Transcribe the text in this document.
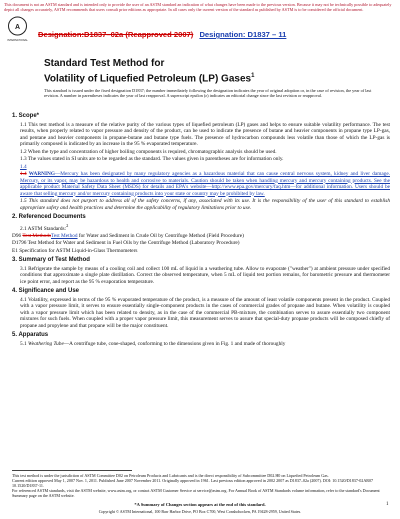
This document is not an ASTM standard and is intended only to provide the user of an ASTM standard an indication of what changes have been made to the previous version. Because it may not be technically possible to adequately depict all changes accurately, ASTM recommends that users consult prior editions as appropriate. In all cases only the current version of the standard as published by ASTM is to be considered the official document.
A
INTERNATIONAL
Designation:D1837–02a (Reapproved 2007) Designation: D1837 – 11
Standard Test Method for
Volatility of Liquefied Petroleum (LP) Gases$^1$
This standard is issued under the fixed designation D1837; the number immediately following the designation indicates the year of original adoption or, in the case of revision, the year of last revision. A number in parentheses indicates the year of last reapproval. A superscript epsilon (ε) indicates an editorial change since the last revision or reapproval.

1. Scope*

1.1 This test method is a measure of the relative purity of the various types of liquefied petroleum (LP) gases and helps to ensure suitable volatility performance. The test results, when properly related to vapor pressure and density of the product, can be used to indicate the presence of butane and heavier components in propane type LP-gas, and pentane and heavier components in propane-butane and butane type fuels. The presence of hydrocarbon compounds less volatile than those of which the LP-gas is primarily composed is indicated by an increase in the 95 % evaporated temperature.

1.2 When the type and concentration of higher boiling components is required, chromatographic analysis should be used.

1.3 The values stated in SI units are to be regarded as the standard. The values given in parentheses are for information only.

1.4

1.4 WARNING—Mercury has been designated by many regulatory agencies as a hazardous material that can cause central nervous system, kidney and liver damage. Mercury, or its vapor, may be hazardous to health and corrosive to materials. Caution should be taken when handling mercury and mercury containing products. See the applicable product Material Safety Data Sheet (MSDS) for details and EPA's website—http://www.epa.gov/mercury/faq.htm—for additional information. Users should be aware that selling mercury and/or mercury containing products into your state or country may be prohibited by law.

1.5 This standard does not purport to address all of the safety concerns, if any, associated with its use. It is the responsibility of the user of this standard to establish appropriate safety and health practices and determine the applicability of regulatory limitations prior to use.

2. Referenced Documents

2.1 ASTM Standards:$^2$

D96 Test MethodsTest Method for Water and Sediment in Crude Oil by Centrifuge Method (Field Procedure)

D1796 Test Method for Water and Sediment in Fuel Oils by the Centrifuge Method (Laboratory Procedure)

E1 Specification for ASTM Liquid-in-Glass Thermometers

3. Summary of Test Method

3.1 Refrigerate the sample by means of a cooling coil and collect 100 mL of liquid in a weathering tube. Allow to evaporate ("weather") at ambient pressure under specified conditions that approximate a single plate distillation. Correct the observed temperature, when 5 mL of liquid test portion remains, for barometric pressure and thermometer ice point error, and report as the 95 % evaporation temperature.

4. Significance and Use

4.1 Volatility, expressed in terms of the 95 % evaporated temperature of the product, is a measure of the amount of least volatile components present in the product. Coupled with a vapor pressure limit, it serves to ensure essentially single-component products in the cases of commercial grades of propane and butane. When volatility is coupled with a vapor pressure limit which has been related to density, as in the case of the commercial PB-mixture, the combination serves to assure essentially two component mixtures for such fuels. When coupled with a proper vapor pressure limit, this measurement serves to assure that special-duty propane products will be composed chiefly of propane and propylene and that propane will be the major constituent.

5. Apparatus

5.1 Weathering Tube—A centrifuge tube, cone-shaped, conforming to the dimensions given in Fig. 1 and made of thoroughly

This test method is under the jurisdiction of ASTM Committee D02 on Petroleum Products and Lubricants and is the direct responsibility of Subcommittee D02.H0 on Liquefied Petroleum Gas.

Current edition approved May 1, 2007 Nov. 1, 2011. Published June 2007 November 2011. Originally approved in 1961. Last previous edition approved in 2002 2007 as D1837–02a (2007). DOI: 10.1520/D1837-02AR07 10.1520/D1837-11.

For referenced ASTM standards, visit the ASTM website, www.astm.org, or contact ASTM Customer Service at service@astm.org. For Annual Book of ASTM Standards volume information, refer to the standard's Document Summary page on the ASTM website.

*A Summary of Changes section appears at the end of this standard.
Copyright © ASTM International, 100 Barr Harbor Drive, PO Box C700, West Conshohocken, PA 19428-2959, United States.
1
